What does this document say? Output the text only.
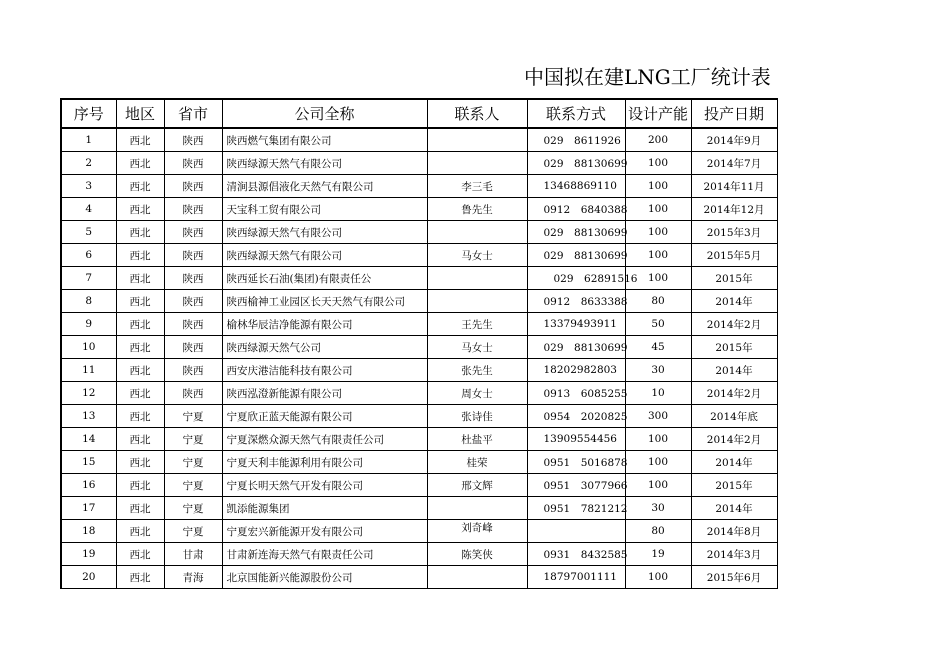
中国拟在建LNG工厂统计表
序号	地区	省市	公司全称	联系人	联系方式	设计产能	投产日期
1	西北	陕西	陕西燃气集团有限公司		029　8611926	200	2014年9月
2	西北	陕西	陕西绿源天然气有限公司		029　88130699	100	2014年7月
3	西北	陕西	清涧县源倡液化天然气有限公司	李三毛	13468869110	100	2014年11月
4	西北	陕西	天宝科工贸有限公司	鲁先生	0912　6840388	100	2014年12月
5	西北	陕西	陕西绿源天然气有限公司		029　88130699	100	2015年3月
6	西北	陕西	陕西绿源天然气有限公司	马女士	029　88130699	100	2015年5月
7	西北	陕西	陕西延长石油(集团)有限责任公		029　62891516	100	2015年
8	西北	陕西	陕西榆神工业园区长天天然气有限公司		0912　8633388	80	2014年
9	西北	陕西	榆林华辰洁净能源有限公司	王先生	13379493911	50	2014年2月
10	西北	陕西	陕西绿源天然气公司	马女士	029　88130699	45	2015年
11	西北	陕西	西安庆港洁能科技有限公司	张先生	18202982803	30	2014年
12	西北	陕西	陕西泓澄新能源有限公司	周女士	0913　6085255	10	2014年2月
13	西北	宁夏	宁夏欣正蓝天能源有限公司	张诗佳	0954　2020825	300	2014年底
14	西北	宁夏	宁夏深燃众源天然气有限责任公司	杜盐平	13909554456	100	2014年2月
15	西北	宁夏	宁夏天利丰能源利用有限公司	桂荣	0951　5016878	100	2014年
16	西北	宁夏	宁夏长明天然气开发有限公司	邢文辉	0951　3077966	100	2015年
17	西北	宁夏	凯添能源集团		0951　7821212	30	2014年
18	西北	宁夏	宁夏宏兴新能源开发有限公司	刘奇峰		80	2014年8月
19	西北	甘肃	甘肃新连海天然气有限责任公司	陈笑侠	0931　8432585	19	2014年3月
20	西北	青海	北京国能新兴能源股份公司		18797001111	100	2015年6月
